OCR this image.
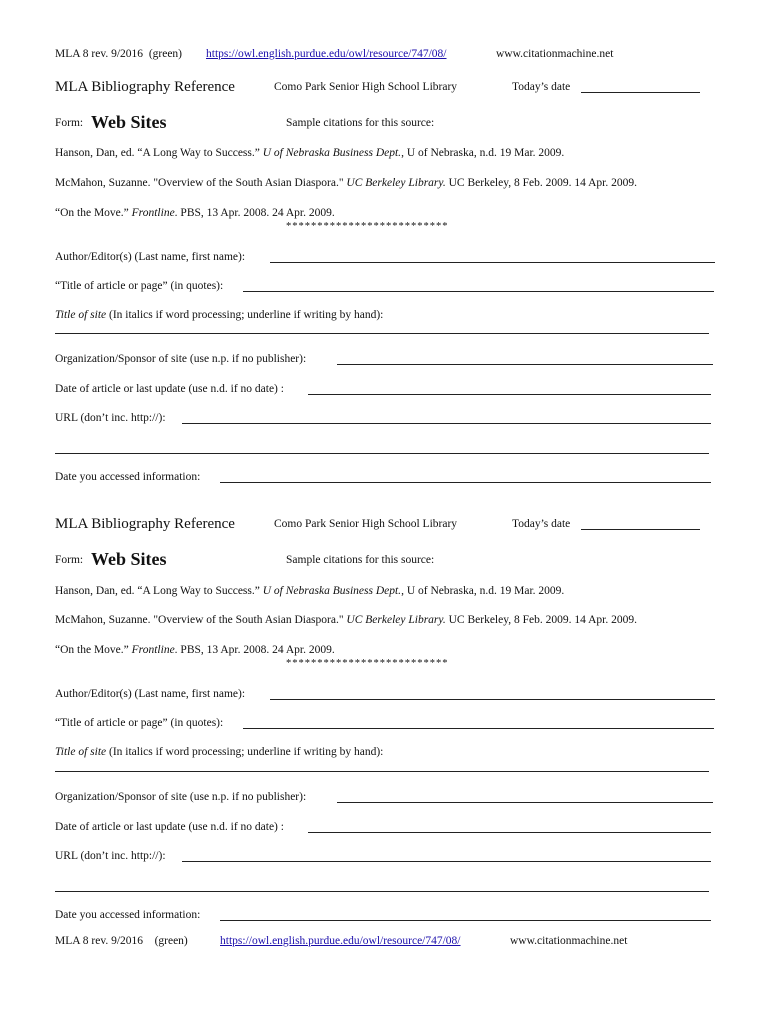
MLA 8 rev. 9/2016 (green) https://owl.english.purdue.edu/owl/resource/747/08/	www.citationmachine.net
MLA Bibliography Reference	Como Park Senior High School Library	Today’s date
Form: Web Sites	Sample citations for this source:
Hanson, Dan, ed. “A Long Way to Success.” U of Nebraska Business Dept., U of Nebraska, n.d. 19 Mar. 2009.
McMahon, Suzanne. "Overview of the South Asian Diaspora." UC Berkeley Library. UC Berkeley, 8 Feb. 2009. 14 Apr. 2009.
“On the Move.” Frontline. PBS, 13 Apr. 2008. 24 Apr. 2009.
**************************
Author/Editor(s) (Last name, first name):
“Title of article or page” (in quotes):
Title of site (In italics if word processing; underline if writing by hand):
Organization/Sponsor of site (use n.p. if no publisher):
Date of article or last update (use n.d. if no date) :
URL (don’t inc. http://):
Date you accessed information:
MLA Bibliography Reference	Como Park Senior High School Library	Today’s date
Form: Web Sites	Sample citations for this source:
Hanson, Dan, ed. “A Long Way to Success.” U of Nebraska Business Dept., U of Nebraska, n.d. 19 Mar. 2009.
McMahon, Suzanne. "Overview of the South Asian Diaspora." UC Berkeley Library. UC Berkeley, 8 Feb. 2009. 14 Apr. 2009.
“On the Move.” Frontline. PBS, 13 Apr. 2008. 24 Apr. 2009.
**************************
Author/Editor(s) (Last name, first name):
“Title of article or page” (in quotes):
Title of site (In italics if word processing; underline if writing by hand):
Organization/Sponsor of site (use n.p. if no publisher):
Date of article or last update (use n.d. if no date) :
URL (don’t inc. http://):
Date you accessed information:
MLA 8 rev. 9/2016 (green)	https://owl.english.purdue.edu/owl/resource/747/08/	www.citationmachine.net
